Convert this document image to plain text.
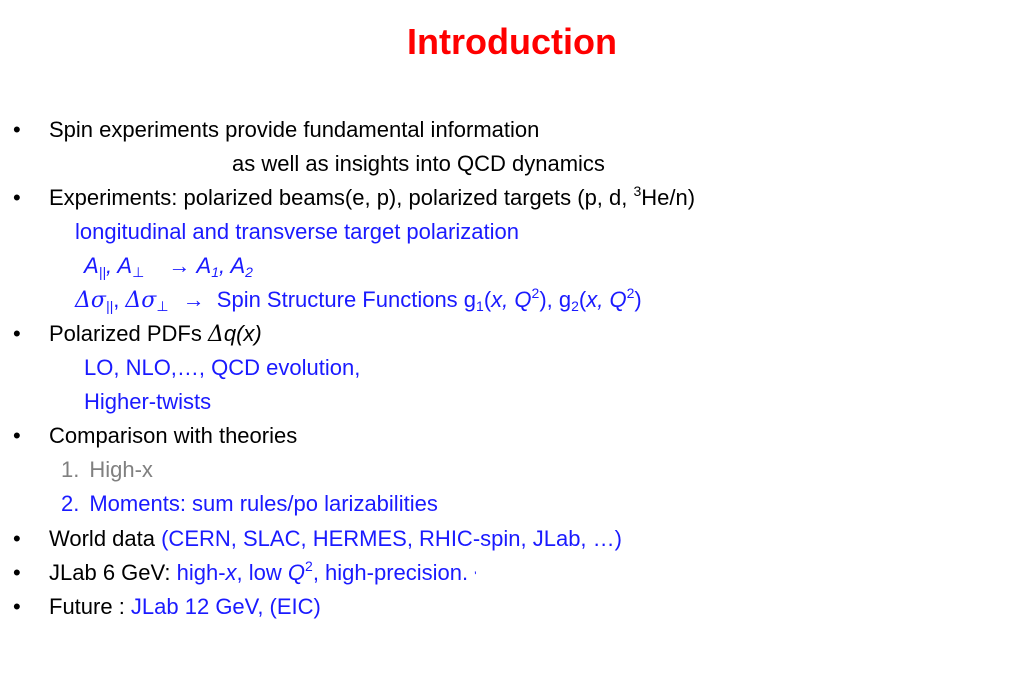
Introduction
• Spin experiments provide fundamental information
as well as insights into QCD dynamics
• Experiments: polarized beams(e, p), polarized targets (p, d, $^3$He/n)
longitudinal and transverse target polarization
$A_{||}$, $A_\perp \to A_1$, $A_2$
$\Delta\sigma_{||}$, $\Delta\sigma_\perp$ → Spin Structure Functions $g_1(x$, $Q^2$), $g_2(x$, $Q^2$)
• Polarized PDFs Δq(x)
LO, NLO,…, QCD evolution,
Higher-twists
• Comparison with theories
1. High-x
2. Moments: sum rules/po larizabilities
• World data (CERN, SLAC, HERMES, RHIC-spin, JLab, …)
• JLab 6 GeV: high-x, low $Q^2$, high-precision. '
• Future : JLab 12 GeV, (EIC)
